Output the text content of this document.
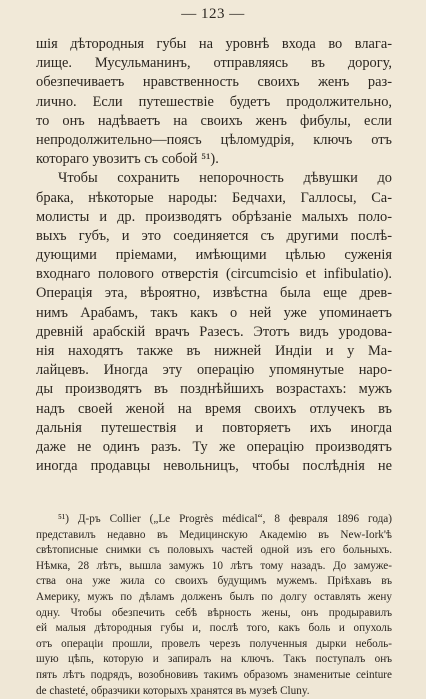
— 123 —
шія дѣтородныя губы на уровнѣ входа во влага-
лище. Мусульманинъ, отправляясь въ дорогу,
обезпечиваетъ нравственность своихъ женъ раз-
лично. Если путешествіе будетъ продолжительно,
то онъ надѣваетъ на своихъ женъ фибулы, если
непродолжительно—поясъ цѣломудрія, ключъ отъ
котораго увозитъ съ собой ⁵¹).
Чтобы сохранить непорочность дѣвушки до
брака, нѣкоторые народы: Бедчахи, Галлосы, Са-
молисты и др. производятъ обрѣзаніе малыхъ поло-
выхъ губъ, и это соединяется съ другими послѣ-
дующими пріемами, имѣющими цѣлью суженія
входнаго полового отверстія (circumcisio et infibulatio).
Операція эта, вѣроятно, извѣстна была еще древ-
нимъ Арабамъ, такъ какъ о ней уже упоминаетъ
древній арабскій врачъ Разесъ. Этотъ видъ уродова-
нія находятъ также въ нижней Индіи и у Ма-
лайцевъ. Иногда эту операцію упомянутые наро-
ды производятъ въ позднѣйшихъ возрастахъ: мужъ
надъ своей женой на время своихъ отлучекъ въ
дальнія путешествія и повторяетъ ихъ иногда
даже не одинъ разъ. Ту же операцію производятъ
иногда продавцы невольницъ, чтобы послѣднія не
⁵¹) Д-ръ Collier („Le Progrès médical“, 8 февраля 1896 года)
представилъ недавно въ Медицинскую Академію въ New-Iork'ѣ
свѣтописные снимки съ половыхъ частей одной изъ его больныхъ.
Нѣмка, 28 лѣтъ, вышла замужъ 10 лѣтъ тому назадъ. До замуже-
ства она уже жила со своихъ будущимъ мужемъ. Пріѣхавъ въ
Америку, мужъ по дѣламъ долженъ былъ по долгу оставлять жену
одну. Чтобы обезпечить себѣ вѣрность жены, онъ продыравилъ
ей малыя дѣтородныя губы и, послѣ того, какъ боль и опухоль
отъ операціи прошли, провелъ черезъ полученныя дырки неболь-
шую цѣпь, которую и запиралъ на ключъ. Такъ поступалъ онъ
пять лѣтъ подрядъ, возобновивъ такимъ образомъ знаменитые ceinture
de chasteté, образчики которыхъ хранятся въ музеѣ Cluny.
